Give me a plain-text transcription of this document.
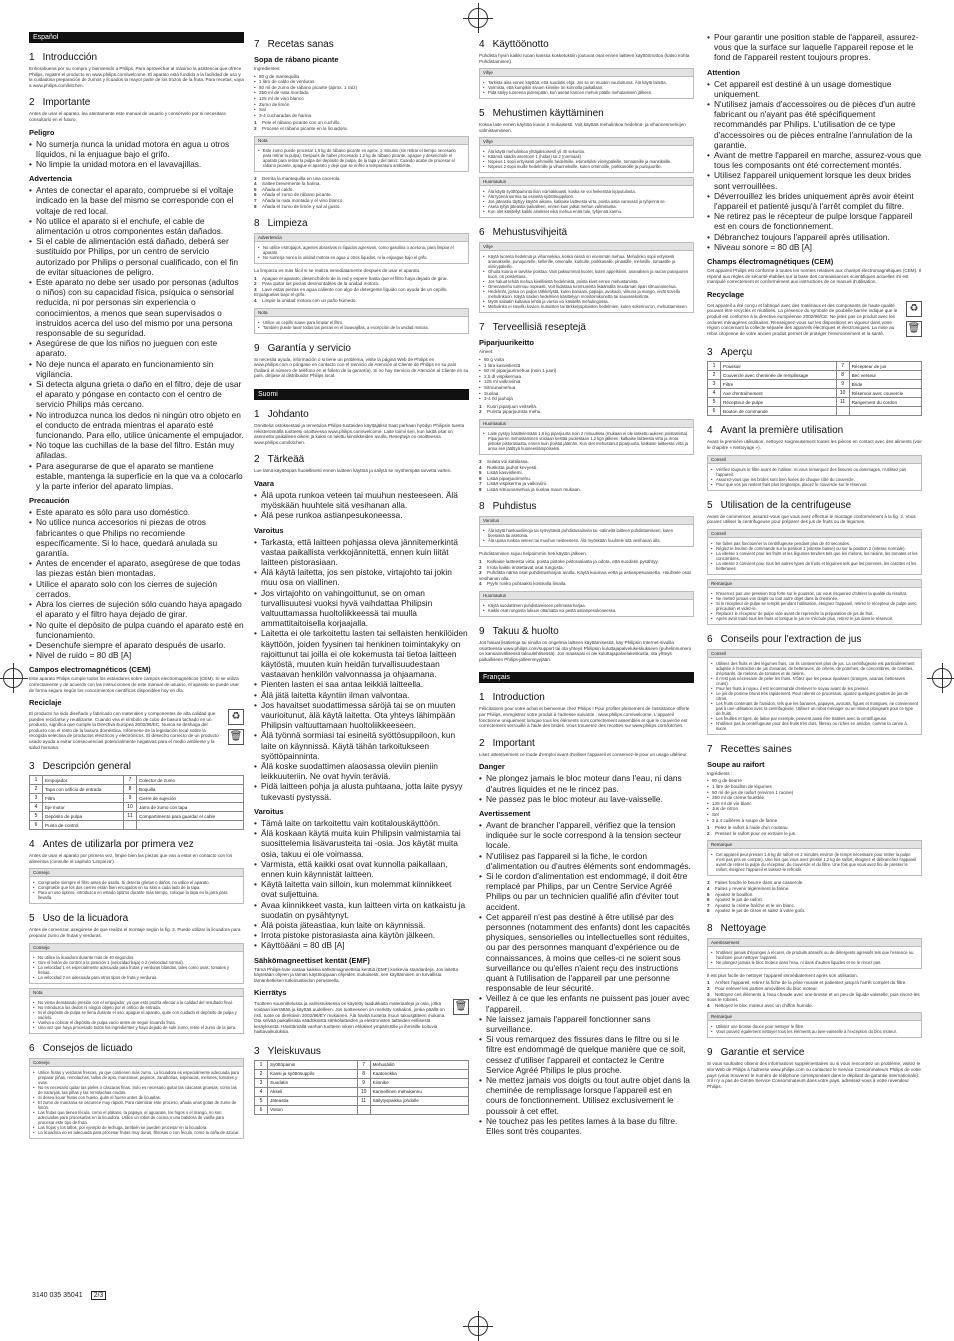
Español
1 Introducción

Enhorabuena por su compra y bienvenido a Philips. Para aprovechar al máximo la asistencia que ofrece Philips, registre el producto en www.philips.com/welcome. El aparato está fundido a la facilidad de uso y la cuidadosa preparación de zumos y licuados la mayor parte de los trozos de la fruta. Para recetas, vaya a www.philips.com/kitchen.

2 Importante

Antes de usar el aparato, lea atentamente este manual de usuario y consérvelo por si necesitara consultarlo en el futuro.

Peligro
• No sumerja nunca la unidad motora en agua u otros líquidos, ni la enjuague bajo el grifo.
• No limpie la unidad motora en el lavavajillas.
Advertencia
• Antes de conectar el aparato, compruebe si el voltaje indicado en la base del mismo se corresponde con el voltaje de red local.
• No utilice el aparato si el enchufe, el cable de alimentación u otros componentes están dañados.
• Si el cable de alimentación está dañado, deberá ser sustituido por Philips, por un centro de servicio autorizado por Philips o personal cualificado, con el fin de evitar situaciones de peligro.
• Este aparato no debe ser usado por personas (adultos o niños) con su capacidad física, psíquica o sensorial reducida, ni por personas sin experiencia o conocimientos, a menos que sean supervisados o instruidos acerca del uso del mismo por una persona responsable de su seguridad.
• Asegúrese de que los niños no jueguen con este aparato.
• No deje nunca el aparato en funcionamiento sin vigilancia.
• Si detecta alguna grieta o daño en el filtro, deje de usar el aparato y póngase en contacto con el centro de servicio Philips más cercano.
• No introduzca nunca los dedos ni ningún otro objeto en el conducto de entrada mientras el aparato esté funcionando. Para ello, utilice únicamente el empujador.
• No toque las cuchillas de la base del filtro. Están muy afiladas.
• Para asegurarse de que el aparato se mantiene estable, mantenga la superficie en la que va a colocarlo y la parte inferior del aparato limpias.
Precaución
• Este aparato es sólo para uso doméstico.
• No utilice nunca accesorios ni piezas de otros fabricantes o que Philips no recomiende específicamente. Si lo hace, quedará anulada su garantía.
• Antes de encender el aparato, asegúrese de que todas las piezas están bien montadas.
• Utilice el aparato solo con los cierres de sujeción cerrados.
• Abra los cierres de sujeción sólo cuando haya apagado el aparato y el filtro haya dejado de girar.
• No quite el depósito de pulpa cuando el aparato esté en funcionamiento.
• Desenchufe siempre el aparato después de usarlo.
• Nivel de ruido = 80 dB [A]
Campos electromagnéticos (CEM)

Este aparato Philips cumple todos los estándares sobre campos electromagnéticos (CEM). Si se utiliza correctamente y de acuerdo con las instrucciones de este manual de usuario, el aparato se puede usar de forma segura según los conocimientos científicos disponibles hoy en día.

Reciclaje

El producto ha sido diseñado y fabricado con materiales y componentes de alta calidad que pueden reciclarse y reutilizarse. Cuando vea el símbolo de cubo de basura tachado en un producto, significa que cumple la Directiva Europea 2002/96/EC. Nunca se deshaga del producto con el resto de la basura doméstica. Infórmese de la legislación local sobre la recogida selectiva de productos eléctricos y electrónicos. El desecho correcto de un producto usado ayuda a evitar consecuencias potencialmente negativas para el medio ambiente y la salud humana.

♻
🗑
3 Descripción general
1	Empujador	7	Colector de zumo
2	Tapa con orificio de entrada	8	Boquilla
3	Filtro	9	Cierre de sujeción
4	Eje motor	10	Jarra de zumo con tapa
5	Depósito de pulpa	11	Compartimento para guardar el cable
6	Punto de control		
4 Antes de utilizarla por primera vez

Antes de usar el aparato por primera vez, limpie bien las piezas que van a estar en contacto con los alimentos (consulte el capítulo 'Limpieza').

Consejo
• Compruebe siempre el filtro antes de usarlo. Si detecta grietas o daños, no utilice el aparato.
• Compruebe que los dos cierres están bien encajados en su sitio a cada lado de la tapa.
• Para un uso óptimo, introduzca en estado óptimo durante más tiempo, coloque la tapa en la jarra para llevarla.
5 Uso de la licuadora

Antes de comenzar, asegúrese de que realiza el montaje según la fig. 2. Puede utilizar la licuadora para preparar zumo de frutas y verduras.

Consejo
• No utilice la licuadora durante más de 40 segundos.
• Gire el botón de control a la posición 1 (velocidad baja) o 2 (velocidad normal).
• La velocidad 1 es especialmente adecuada para frutas y verduras blandas, tales como uvas, tomates y fresas.
• La velocidad 2 es adecuada para otros tipos de fruta y verduras.
Nota
• No vierta demasiado presión con el empujador, ya que esto podría afectar a la calidad del resultado final.
• No introduzca los dedos ni ningún objeto por el orificio de entrada.
• Si el depósito de pulpa se llena durante el uso, apague el aparato, quite con cuidado el depósito de pulpa y vacíelo.
• Vuelva a colocar el depósito de pulpa vacío antes de seguir licuando fruta.
• Una vez que haya procesado todos los ingredientes y haya dejado de salir zumo, retire el zumo de la jarra.
6 Consejos de licuado
Consejo
• Utilice frutas y verduras frescas, ya que contienen más zumo. La licuadora es especialmente adecuada para preparar piñas, remolachas, tallos de apio, manzanas, pepinos, zanahorias, espinacas, melones, tomates y uvas.
• No es necesario quitar las pieles o cáscaras finas. Solo es necesario quitar las cáscaras gruesas, como las de naranjas, las piñas y las remolachas crudas.
• Si desea licuar frutas con hueso, quite el hueso antes de licuarlas.
• El zumo de manzana se oscurece muy rápido. Para ralentizar este proceso, añada unas gotas de zumo de limón.
• Las frutas que tienen fécula, como el plátano, la papaya, el aguacate, los higos o el mango, no son adecuadas para procesarlas en la licuadora. Utilice un robot de cocina o una batidora de varilla para procesar este tipo de fruta.
• Las hojas y los tallos, por ejemplo de lechuga, también se pueden procesar en la licuadora.
• La licuadora no es adecuada para procesar frutas muy duras, fibrosas o con fécula, como la caña de azúcar.
7 Recetas sanas
Sopa de rábano picante

Ingredientes:

• 80 g de mantequilla
• 1 litro de caldo de verduras
• 50 ml de zumo de rábano picante (aprox. 1 raíz)
• 250 ml de nata montada
• 125 ml de vino blanco
• Zumo de limón
• Sal
• 3-4 cucharadas de harina
1 Pele el rábano picante con un cuchillo.
2 Procese el rábano picante en la licuadora.
Nota
• Este zumo puede procesar 1,6 kg de rábano picante en aprox. 2 minutos (sin retirar el tiempo necesario para retirar la pulpa). Después de haber procesado 1,2 kg de rábano picante, apague y desenchufe el aparato para retirar la pulpa del depósito de pulpa, de la tapa y del tamiz. Cuando acabe de procesar el rábano picante, apague el aparato y deje que se enfríe a temperatura ambiente.
3 Derrita la mantequilla en una cacerola.
4 Saltee brevemente la harina.
5 Añada el caldo.
6 Añada el zumo de rábano picante.
7 Añada la nata montada y el vino blanco.
8 Añada el zumo de limón y sal al gusto.
8 Limpieza
Advertencia
• No utilice estropajos, agentes abrasivos ni líquidos agresivos, como gasolina o acetona, para limpiar el aparato.
• No sumerja nunca la unidad motora en agua u otros líquidos, ni la enjuague bajo el grifo.

La limpieza es más fácil si se realiza inmediatamente después de usar el aparato.

1 Apague el aparato, desenchúfelo de la red y espere hasta que el filtro haya dejado de girar.
2 Para quitar las piezas desmontables de la unidad motora.
3 Lave estas piezas en agua caliente con algo de detergente líquido con ayuda de un cepillo. Enjuáguelas bajo el grifo.
4 Limpie la unidad motora con un paño húmedo.
Nota
• Utilice un cepillo suave para limpiar el filtro.
• También puede lavar todas las piezas en el lavavajillas, a excepción de la unidad motora.
9 Garantía y servicio

Si necesita ayuda, información o si tiene un problema, visite la página Web de Philips en www.philips.com o póngase en contacto con el Servicio de Atención al Cliente de Philips en su país (hallará el número de teléfono en el folleto de la garantía). Si no hay Servicio de Atención al Cliente en su país, diríjase al distribuidor Philips local.

Suomi
1 Johdanto

Onnittelut ostoksestasi ja tervetuloa Philips-tuotteiden käyttäjäksi! Saat parhaan hyödyn Philipsin tuesta rekisteröimällä tuotteesi osoitteessa www.philips.com/welcome. Laite toimii sen, kun lukitä osat on asennettu paikalleen oikein ja kaksi on lukittu kiinnikkeiden avulla. Reseptejä on osoitteessa www.philips.com/kitchen.

2 Tärkeää

Lue tämä käyttöopas huolellisesti ennen laitteen käyttöä ja säilytä se myöhempää tarvetta varten.

Vaara
• Älä upota runkoa veteen tai muuhun nesteeseen. Älä myöskään huuhtele sitä vesihanan alla.
• Älä pese runkoa astianpesukoneessa.
Varoitus
• Tarkasta, että laitteen pohjassa oleva jännitemerkintä vastaa paikallista verkkojännitettä, ennen kuin liität laitteen pistorasiaan.
• Älä käytä laitetta, jos sen pistoke, virtajohto tai jokin muu osa on viallinen.
• Jos virtajohto on vahingoittunut, se on oman turvallisuutesi vuoksi hyvä vaihdattaa Philipsin valtuuttamassa huoltoliikkeessä tai muulla ammattitaitoisella korjaajalla.
• Laitetta ei ole tarkoitettu lasten tai sellaisten henkilöiden käyttöön, joiden fyysinen tai henkinen toimintakyky on rajoittunut tai joilla ei ole kokemusta tai tietoa laitteen käytöstä, muuten kuin heidän turvallisuudestaan vastaavan henkilön valvonnassa ja ohjaamana.
• Pienten lasten ei saa antaa leikkiä laitteella.
• Älä jätä laitetta käyntiin ilman valvontaa.
• Jos havaitset suodattimessa säröjä tai se on muuten vaurioitunut, älä käytä laitetta. Ota yhteys lähimpään Philipsin valtuuttamaan huoltoliikkeeseen.
• Älä työnnä sormiasi tai esineitä syöttösuppiloon, kun laite on käynnissä. Käytä tähän tarkoitukseen syöttöpainninta.
• Älä koske suodattimen alaosassa oleviin pieniin leikkuuteriin. Ne ovat hyvin teräviä.
• Pidä laitteen pohja ja alusta puhtaana, jotta laite pysyy tukevasti pystyssä.
Varoitus
• Tämä laite on tarkoitettu vain kotitalouskäyttöön.
• Älä koskaan käytä muita kuin Philipsin valmistamia tai suosittelemia lisävarusteita tai -osia. Jos käytät muita osia, takuu ei ole voimassa.
• Varmista, että kaikki osat ovat kunnolla paikallaan, ennen kuin käynnistät laitteen.
• Käytä laitetta vain silloin, kun molemmat kiinnikkeet ovat suljettuina.
• Avaa kiinnikkeet vasta, kun laitteen virta on katkaistu ja suodatin on pysähtynyt.
• Älä poista jäteastiaa, kun laite on käynnissä.
• Irrota pistoke pistorasiasta aina käytön jälkeen.
• Käyttöääni = 80 dB [A]
Sähkömagneettiset kentät (EMF)

Tämä Philips-laite vastaa kaikkia sähkömagneettisia kenttiä (EMF) koskevia standardeja. Jos laitetta käytetään ohjeen ja tämän käyttöoppaan ohjeiden mukaisesti, sen käyttäminen on turvallista tämänhetkisen tutkimustiedon perusteella.

Kierrätys

Tuotteen suunnittelussa ja valmistuksessa on käytetty laadukkaita materiaaleja ja osia, jotka voidaan kierrättää ja käyttää uudelleen. Jos tuotteeseen on merkitty roskakori, jonka päällä on risti, tuote on direktiivin 2002/96/EY mukainen. Älä hävitä tuotetta muun talousjätteen mukana. Ota selvää paikallisista säädöksistä sähkölaitteiden ja elektronisten laitteiden erillisestä keräyksestä. Hävittämällä vanhan tuotteen oikein ehkäiset ympäristölle ja ihmisille koituvia haittavaikutuksia.

🗑
3 Yleiskuvaus
1	Syöttöpainin	7	Mehusäiliö
2	Kansi ja syöttösuppilo	8	Kaatonokka
3	Suodatin	9	Kiinnike
4	Akseli	10	Kannellinen mehukannu
5	Jäteastia	11	Säilytyspaikka johdolle
6	Voiton		
4 Käyttöönotto

Puhdista hyvin kaikki ruoan kanssa kosketuksiin joutuvat osat ennen laitteen käyttöönottoa (katso kohta Puhdistaminen).

Vihje
• Tarkista aina ennen käyttöä, että suodatin ehjä. Jos se on muuten vaurioitunut. Älä käytä laitetta.
• Varmista, että kumpikin sivuen kiinnike on kunnolla paikallaan.
• Pidä säilyy tuoreena pidempään, kun asetat kannen mehun päälle mehutamisen jälkeen.
5 Mehustimen käyttäminen

Kokoa laite ennen käyttöä kuvan 2 mukaisesti. Voit käyttää mehulinkoa hedelmä- ja vihannesmehujen valmistamiseen.

Vihje
• Älä käytä mehulinkoa yhtäjaksoisesti yli 40 sekuntia.
• Käännä säädin asentoon 1 (hidas) tai 2 (normaali).
• Nopeus 1 sopii erityisesti pehmeille hedelmille, esimerkiksi viinirypäleille, tomaateille ja mansikoille.
• Nopeus 2 sopii muille hedelmille ja vihanneksille, kuten omenoille, porkkanoille ja punajuurille.
Huomautus
• Älä käytä syöttöpaininta liian voimakkaasti, koska se voi heikentää lopputulosta.
• Älä työnnä sormia tai esineitä syöttösuppiloon.
• Jos jäteastia täyttyy käytön aikana, katkaise laitteesta virta, poista astia varovasti ja tyhjennä se.
• Aseta tyhjä jäteastia paikalleen, ennen kuin jatkat mehun valmistusta.
• Kun olet käsitellyt kaikki ainekset eikä mehua enää tule, tyhjennä kannu.
6 Mehustusvihjeitä
Vihje
• Käytä tuoreita hedelmiä ja vihanneksia, koska niissä on enemmän mehua. Mehulinko sopii erityisesti ananakselle, punajuurelle, sellerille, omenalle, kurkulle, porkkanalle, pinaatille, melonille, tomaatille ja viinirypäleille.
• Ohuita kuoria ei tarvitse poistaa. Vain paksummat kuoret, kuten appelsiinin, ananaksen ja raa'an punajuuren kuori, on poistettava.
• Jos haluat tehdä mehua kivellisistä hedelmistä, poista kivet ennen mehustamista.
• Omenamehu tummuu nopeasti. Voit hidastaa tummumista lisäämällä muutaman tipan sitruunamehua.
• Hedelmät, joissa on paljon tärkkelystä, kuten banaani, papaija, avokado, viikuna ja mango, eivät sovellu mehulinkoon. Käytä näiden hedelmien käsittelyyn monitoimikonetta tai sauvasekoitinta.
• Myös salaatin kaltaisia lehtiä ja varsia voi käsitellä mehulingossa.
• Mehulinko ei sovellu kovien, kuituisten tai tärkkelyspitoisten hedelmien, kuten sokeriruo'on, mehustamiseen.
7 Terveellisiä reseptejä
Piparjuurikeitto

Aineet:

• 80 g voita
• 1 litra kasvislientä
• 50 ml piparjuurimehua (noin 1 juuri)
• 2,5 dl vispikermaa
• 125 ml valkoviiniä
• Sitruunamehua
• Suolaa
• 3-4 rkl jauhoja
1 Kuori piparjuuri veitsellä.
2 Purista piparjuurista mehu.
Huomautus
• Laite pystyy käsittelemään 1,6 kg piparjuurta noin 2 minuutissa (mukaan ei ole laskettu aukeen poistamista). Piparjuuren mehustaminen voidaan kestää puolestaan 1,2 kgn jälkeen, katkaise laitteesta virta ja irrota pistoke pistorasiasta, ennen kuin poistat jäämän. Kun olet mehustanut piparjuurta, katkaise laitteesta virta ja anna sen jäähtyä huoneenlämpöiseksi.
3 Sulata voi kattilassa.
4 Ruskista jauhot kevyesti.
5 Lisää kasvisliemi.
6 Lisää piparjuurimehu.
7 Lisää vispikerma ja valkoviini.
8 Lisää sitruunamehua ja suolaa maun mukaan.
8 Puhdistus
Varoitus
• Älä käytä hankausliinoja tai syövyttäviä puhdistusaineita tai -välineitä laitteen puhdistamiseen, kuten bensiiniä tai asetonia.
• Älä upota runkoa veteen tai muuhun nesteeseen. Älä myöskään huuhtele sitä vesihanan alla.

Puhdistaminen sujuu helpoimmin heti käytön jälkeen.

1 Katkaise laitteesta virta, poista pistoke pistorasiasta ja odota, että suodatin pysähtyy.
2 Irrota kaikki irrotettavat osat rungosta.
3 Puhdista nämä osat puhdistusharjan avulla. Käytä kuumaa vettä ja astianpesuainetta. Huuhtele osat vesihanan alla.
4 Pyyhi runko puhtaaksi kostealla liinalla.
Huomautus
• Käytä suodattimen puhdistamiseen pehmeää harjaa.
• Kaikki osat rungosta lukuun ottamatta voi pestä astianpesukoneessa.
9 Takuu & huolto

Jos haluat lisätietoja tai sinulla on ongelmia laitteen käyttämisessä, käy Philipsin Internet-sivuilla osoitteessa www.philips.com/support tai ota yhteys Philipsin kuluttajapalvelukeskukseen (puhelinnumero on kansainvälisessä takuulehtisessä). Jos maassasi ei ole kuluttajapalvelukeskusta, ota yhteys paikalliseen Philips-jälleenmyyjään.

Français
1 Introduction

Félicitations pour votre achat et bienvenue chez Philips ! Pour profiter pleinement de l'assistance offerte par Philips, enregistrez votre produit à l'adresse suivante : www.philips.com/welcome. L'appareil fonctionne uniquement lorsque tous les éléments sont correctement assemblés et que le couvercle est correctement verrouillé à l'aide des brides. Vous trouverez des recettes sur www.philips.com/kitchen.

2 Important

Lisez attentivement ce mode d'emploi avant d'utiliser l'appareil et conservez-le pour un usage ultérieur.

Danger
• Ne plongez jamais le bloc moteur dans l'eau, ni dans d'autres liquides et ne le rincez pas.
• Ne passez pas le bloc moteur au lave-vaisselle.
Avertissement
• Avant de brancher l'appareil, vérifiez que la tension indiquée sur le socle correspond à la tension secteur locale.
• N'utilisez pas l'appareil si la fiche, le cordon d'alimentation ou d'autres éléments sont endommagés.
• Si le cordon d'alimentation est endommagé, il doit être remplacé par Philips, par un Centre Service Agréé Philips ou par un technicien qualifié afin d'éviter tout accident.
• Cet appareil n'est pas destiné à être utilisé par des personnes (notamment des enfants) dont les capacités physiques, sensorielles ou intellectuelles sont réduites, ou par des personnes manquant d'expérience ou de connaissances, à moins que celles-ci ne soient sous surveillance ou qu'elles n'aient reçu des instructions quant à l'utilisation de l'appareil par une personne responsable de leur sécurité.
• Veillez à ce que les enfants ne puissent pas jouer avec l'appareil.
• Ne laissez jamais l'appareil fonctionner sans surveillance.
• Si vous remarquez des fissures dans le filtre ou si le filtre est endommagé de quelque manière que ce soit, cessez d'utiliser l'appareil et contactez le Centre Service Agréé Philips le plus proche.
• Ne mettez jamais vos doigts ou tout autre objet dans la cheminée de remplissage lorsque l'appareil est en cours de fonctionnement. Utilisez exclusivement le poussoir à cet effet.
• Ne touchez pas les petites lames à la base du filtre. Elles sont très coupantes.
• Pour garantir une position stable de l'appareil, assurez-vous que la surface sur laquelle l'appareil repose et le fond de l'appareil restent toujours propres.
Attention
• Cet appareil est destiné à un usage domestique uniquement.
• N'utilisez jamais d'accessoires ou de pièces d'un autre fabricant ou n'ayant pas été spécifiquement recommandés par Philips. L'utilisation de ce type d'accessoires ou de pièces entraîne l'annulation de la garantie.
• Avant de mettre l'appareil en marche, assurez-vous que tous les composants ont été correctement montés.
• Utilisez l'appareil uniquement lorsque les deux brides sont verrouillées.
• Déverrouillez les brides uniquement après avoir éteint l'appareil et patienté jusqu'à l'arrêt complet du filtre.
• Ne retirez pas le récepteur de pulpe lorsque l'appareil est en cours de fonctionnement.
• Débranchez toujours l'appareil après utilisation.
• Niveau sonore = 80 dB [A]
Champs électromagnétiques (CEM)

Cet appareil Philips est conforme à toutes les normes relatives aux champs électromagnétiques (CEM). Il répond aux règles de sécurité établies sur la base des connaissances scientifiques actuelles s'il est manipulé correctement et conformément aux instructions de ce manuel d'utilisation.

Recyclage

Cet appareil a été conçu et fabriqué avec des matériaux et des composants de haute qualité pouvant être recyclés et réutilisés. La présence du symbole de poubelle barrée indique que le produit est conforme à la directive européenne 2002/96/CE. Ne jetez pas ce produit avec les ordures ménagères ordinaires. Renseignez-vous sur les dispositions en vigueur dans votre région concernant la collecte séparée des appareils électriques et électroniques. La mise au rebut citoyenne de votre ancien produit permet de protéger l'environnement et la santé.

♻
🗑
3 Aperçu
1	Poussoir	7	Récepteur de jus
2	Couvercle avec cheminée de remplissage	8	Bec verseur
3	Filtre	9	Bride
4	Axe d'entraînement	10	Réservoir avec couvercle
5	Récepteur de pulpe	11	Rangement du cordon
6	Bouton de commande		
4 Avant la première utilisation

Avant la première utilisation, nettoyez soigneusement toutes les pièces en contact avec des aliments (voir le chapitre « Nettoyage »).

Conseil
• Vérifiez toujours le filtre avant de l'utiliser. Si vous remarquez des fissures ou dommages, n'utilisez pas l'appareil.
• Assurez-vous que les brides sont bien fixées de chaque côté du couvercle.
• Pour que vos jus restent frais plus longtemps, placez le couvercle sur le réservoir.
5 Utilisation de la centrifugeuse

Avant de commencer, assurez-vous que vous avez effectué le montage conformément à la fig. 2. Vous pouvez utiliser la centrifugeuse pour préparer des jus de fruits ou de légumes.

Conseil
• Ne faites pas fonctionner la centrifugeuse pendant plus de 40 secondes.
• Réglez le bouton de commande sur la position 1 (vitesse basse) ou sur la position 2 (vitesse normale).
• La vitesse 1 convient pour les fruits et les légumes tendres tels que les melons, les raisins, les tomates et les concombres.
• La vitesse 2 convient pour tous les autres types de fruits et légumes tels que les pommes, les carottes et les betteraves.
Remarque
• N'exercez pas une pression trop forte sur le poussoir, car vous risqueriez d'altérer la qualité du résultat.
• Ne mettez jamais vos doigts ou tout autre objet dans la cheminée.
• Si le récepteur de pulpe se remplit pendant l'utilisation, éteignez l'appareil, retirez le récepteur de pulpe avec précaution et videz-le.
• Replacez le récepteur de pulpe vide avant de reprendre la préparation de jus de fruit.
• Après avoir traité tous les fruits et lorsque le jus ne s'écoule plus, retirez le jus dans le réservoir.
6 Conseils pour l'extraction de jus
Conseil
• Utilisez des fruits et des légumes frais, car ils contiennent plus de jus. La centrifugeuse est particulièrement adaptée à l'extraction de jus d'ananas, de betteraves, de céleris, de pommes, de concombres, de carottes, d'épinards, de melons, de tomates et de raisins.
• Il n'est pas nécessaire de peler les fruits. N'ôtez que les peaux épaisses (oranges, ananas, betteraves crues).
• Pour les fruits à noyau, il est recommandé d'enlever le noyau avant de les presser.
• Le jus de pomme brunit très rapidement. Pour ralentir ce processus, ajoutez quelques gouttes de jus de citron.
• Les fruits contenant de l'amidon, tels que les bananes, papayes, avocats, figues et mangues, ne conviennent pas à une utilisation avec la centrifugeuse. Utilisez un robot ménager ou un mixeur plongeant pour ce type de fruits.
• Les feuilles et tiges, de laitue par exemple, peuvent aussi être traitées avec la centrifugeuse.
• N'utilisez pas la centrifugeuse pour des fruits très durs, fibreux ou riches en amidon, comme la canne à sucre.
7 Recettes saines
Soupe au raifort

Ingrédients :

• 80 g de beurre
• 1 litre de bouillon de légumes
• 50 ml de jus de raifort (environ 1 racine)
• 250 ml de crème fouettée
• 125 ml de vin blanc
• Jus de citron
• Sel
• 3 à 4 cuillères à soupe de farine
1 Pelez le raifort à l'aide d'un couteau.
2 Pressez le raifort pour en extraire le jus.
Remarque
• Cet appareil peut presser 1,6 kg de raifort en 2 minutes environ (le temps nécessaire pour retirer la pulpe n'est pas pris en compte). Une fois que vous avez pressé 1,2 kg de raifort, éteignez et débranchez l'appareil avant de retirer la pulpe du récepteur, du couvercle et du filtre. Une fois que vous avez fini de presser le raifort, éteignez l'appareil et laissez-le refroidir.
3 Faites fondre le beurre dans une casserole.
4 Faites y revenir légèrement la farine.
5 Ajoutez le bouillon.
6 Ajoutez le jus de raifort.
7 Ajoutez la crème fraîche et le vin blanc.
8 Ajoutez le jus de citron et salez à votre goût.
8 Nettoyage
Avertissement
• N'utilisez jamais d'éponges à récurer, de produits abrasifs ou de détergents agressifs tels que l'essence ou l'acétone pour nettoyer l'appareil.
• Ne plongez jamais le bloc moteur dans l'eau, ni dans d'autres liquides et ne le rincez pas.

Il est plus facile de nettoyer l'appareil immédiatement après son utilisation.

1 Arrêtez l'appareil, retirez la fiche de la prise murale et patientez jusqu'à l'arrêt complet du filtre.
2 Pour enlever les parties amovibles du bloc moteur.
3 Nettoyez ces éléments à l'eau chaude avec une brosse et un peu de liquide vaisselle, puis rincez-les sous le robinet.
4 Nettoyez le bloc moteur avec un chiffon humide.
Remarque
• Utilisez une brosse douce pour nettoyer le filtre.
• Vous pouvez également nettoyer tous les éléments au lave-vaisselle à l'exception du bloc moteur.
9 Garantie et service

Si vous souhaitez obtenir des informations supplémentaires ou si vous rencontrez un problème, visitez le site Web de Philips à l'adresse www.philips.com ou contactez le Service Consommateurs Philips de votre pays (vous trouverez le numéro de téléphone correspondant dans le dépliant de garantie internationale). S'il n'y a pas de Centre Service Consommateurs dans votre pays, adressez-vous à votre revendeur Philips.

3140 035 35041 2/3
